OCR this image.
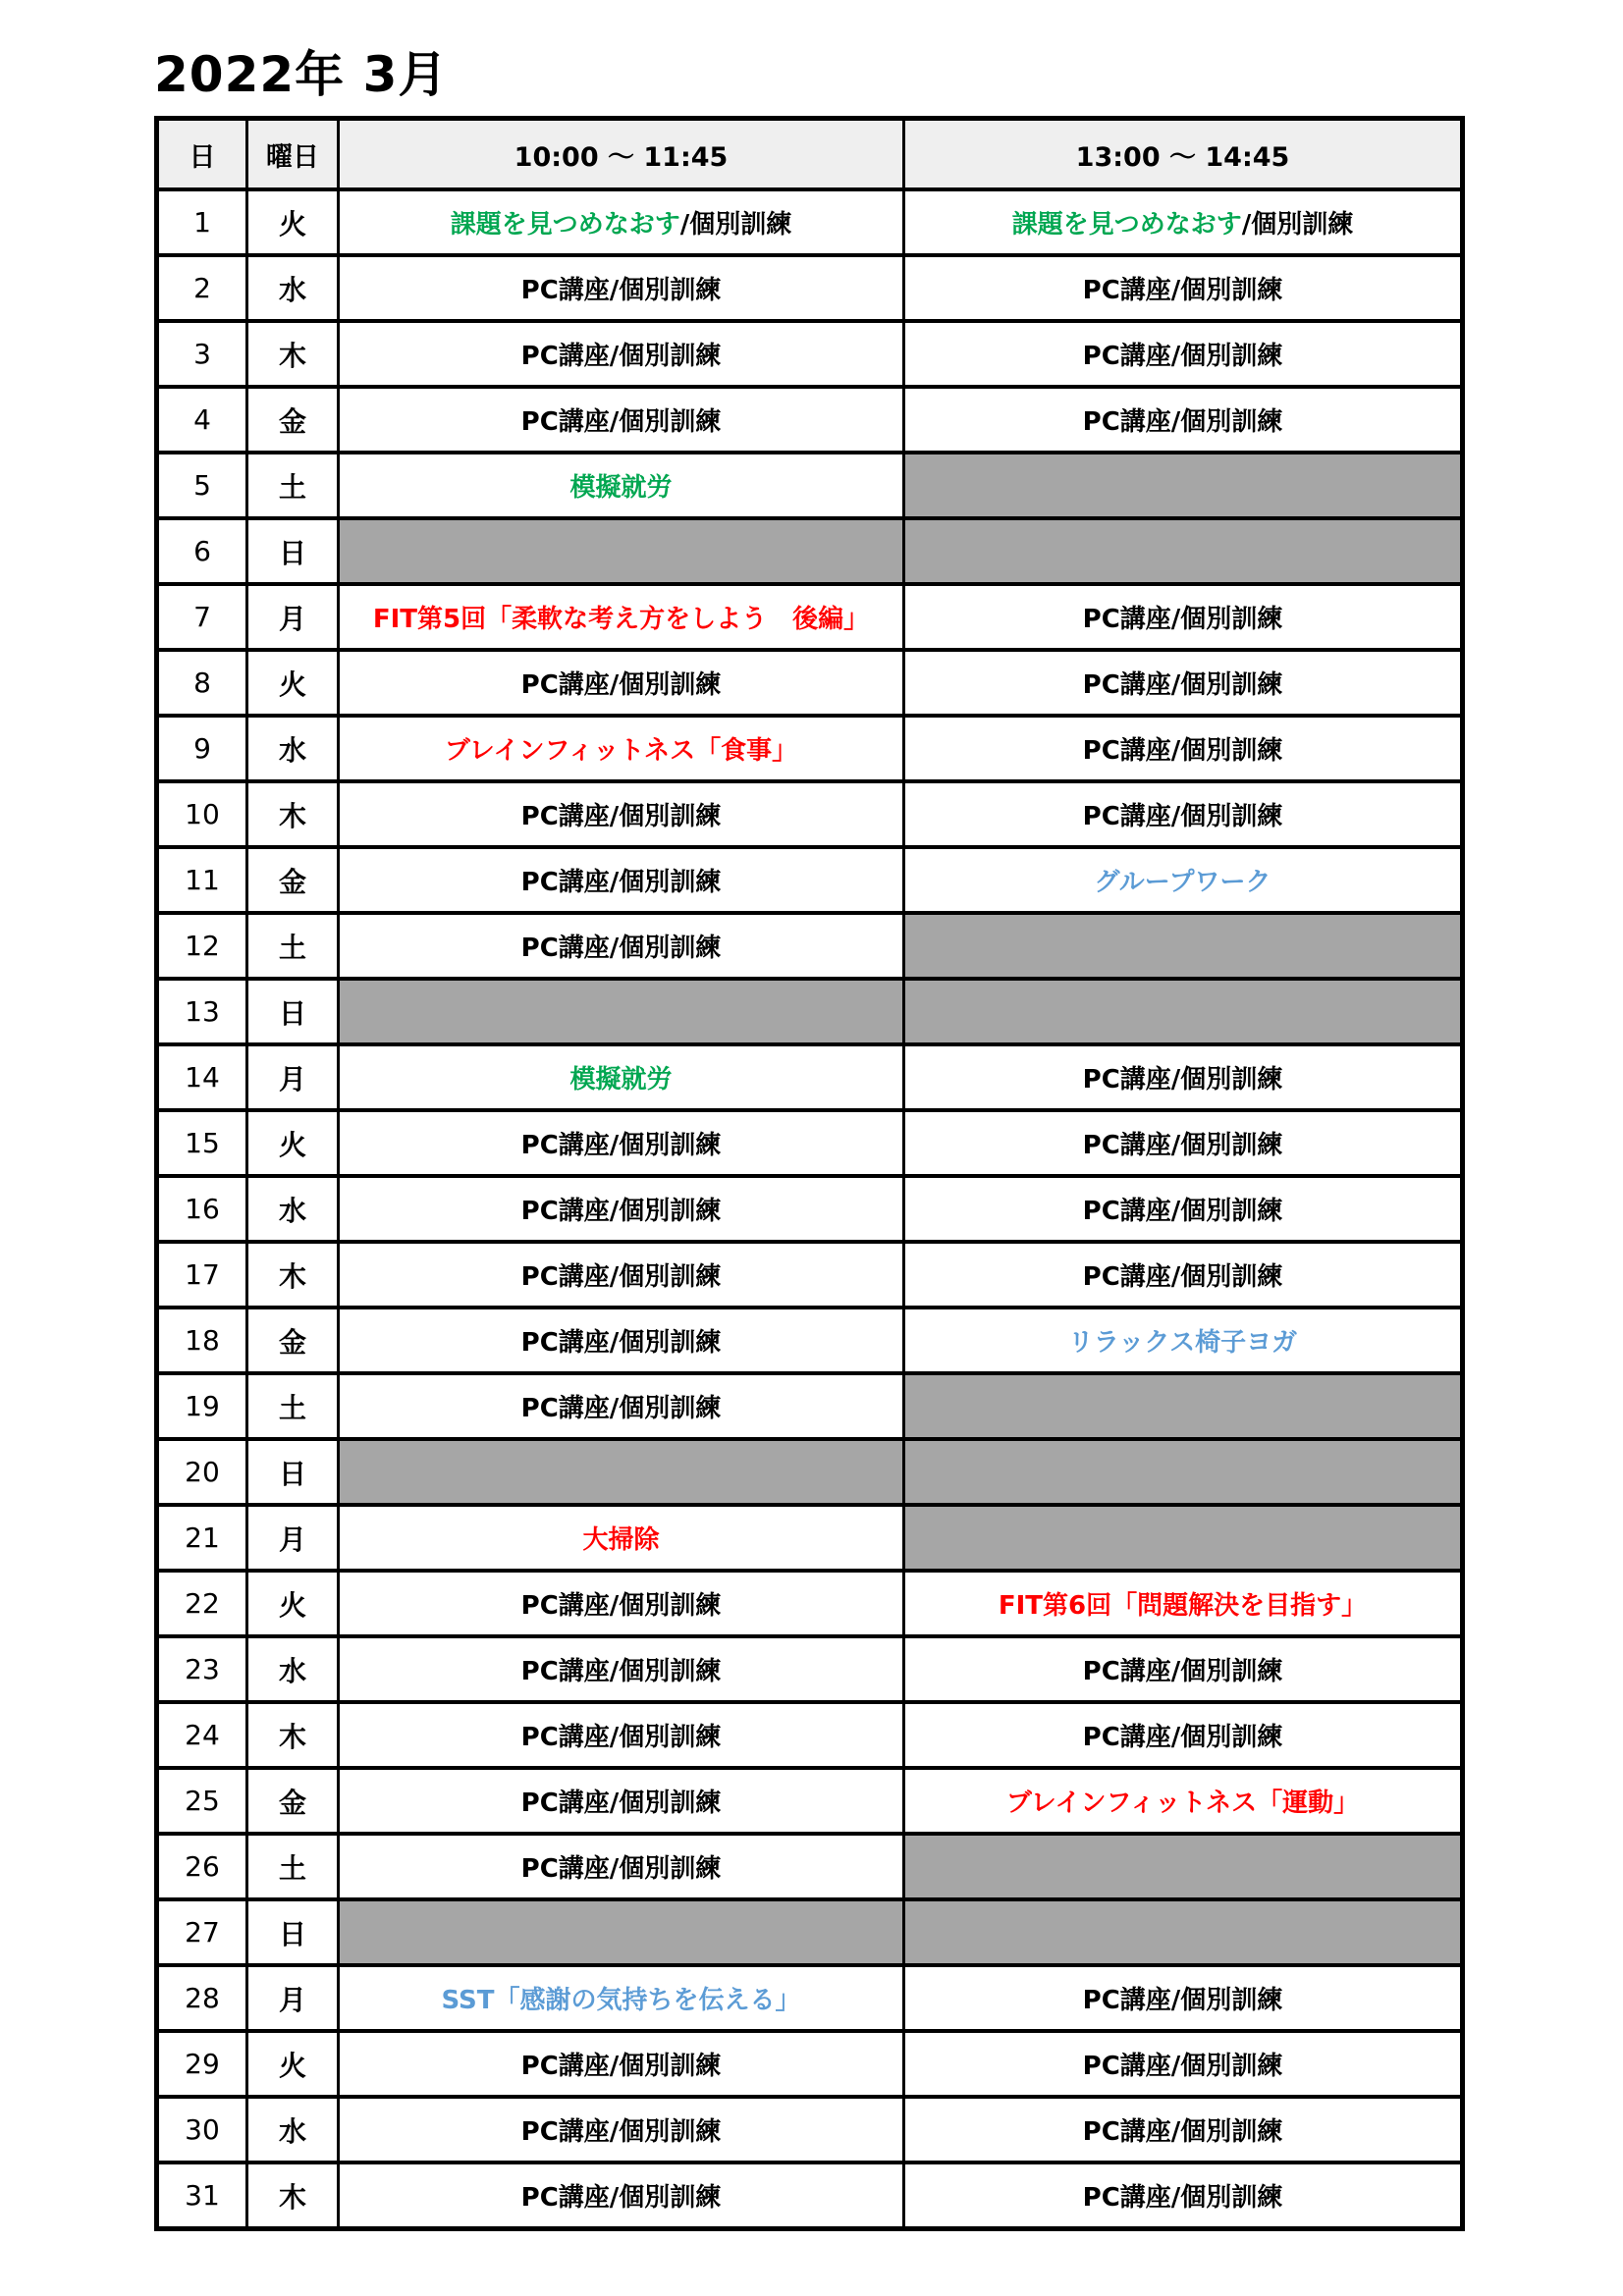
2022年 3月
日	曜日	10:00 ～ 11:45	13:00 ～ 14:45
1	火	課題を見つめなおす/個別訓練	課題を見つめなおす/個別訓練
2	水	PC講座/個別訓練	PC講座/個別訓練
3	木	PC講座/個別訓練	PC講座/個別訓練
4	金	PC講座/個別訓練	PC講座/個別訓練
5	土	模擬就労	
6	日		
7	月	FIT第5回「柔軟な考え方をしよう　後編」	PC講座/個別訓練
8	火	PC講座/個別訓練	PC講座/個別訓練
9	水	ブレインフィットネス「食事」	PC講座/個別訓練
10	木	PC講座/個別訓練	PC講座/個別訓練
11	金	PC講座/個別訓練	グループワーク
12	土	PC講座/個別訓練	
13	日		
14	月	模擬就労	PC講座/個別訓練
15	火	PC講座/個別訓練	PC講座/個別訓練
16	水	PC講座/個別訓練	PC講座/個別訓練
17	木	PC講座/個別訓練	PC講座/個別訓練
18	金	PC講座/個別訓練	リラックス椅子ヨガ
19	土	PC講座/個別訓練	
20	日		
21	月	大掃除	
22	火	PC講座/個別訓練	FIT第6回「問題解決を目指す」
23	水	PC講座/個別訓練	PC講座/個別訓練
24	木	PC講座/個別訓練	PC講座/個別訓練
25	金	PC講座/個別訓練	ブレインフィットネス「運動」
26	土	PC講座/個別訓練	
27	日		
28	月	SST「感謝の気持ちを伝える」	PC講座/個別訓練
29	火	PC講座/個別訓練	PC講座/個別訓練
30	水	PC講座/個別訓練	PC講座/個別訓練
31	木	PC講座/個別訓練	PC講座/個別訓練
